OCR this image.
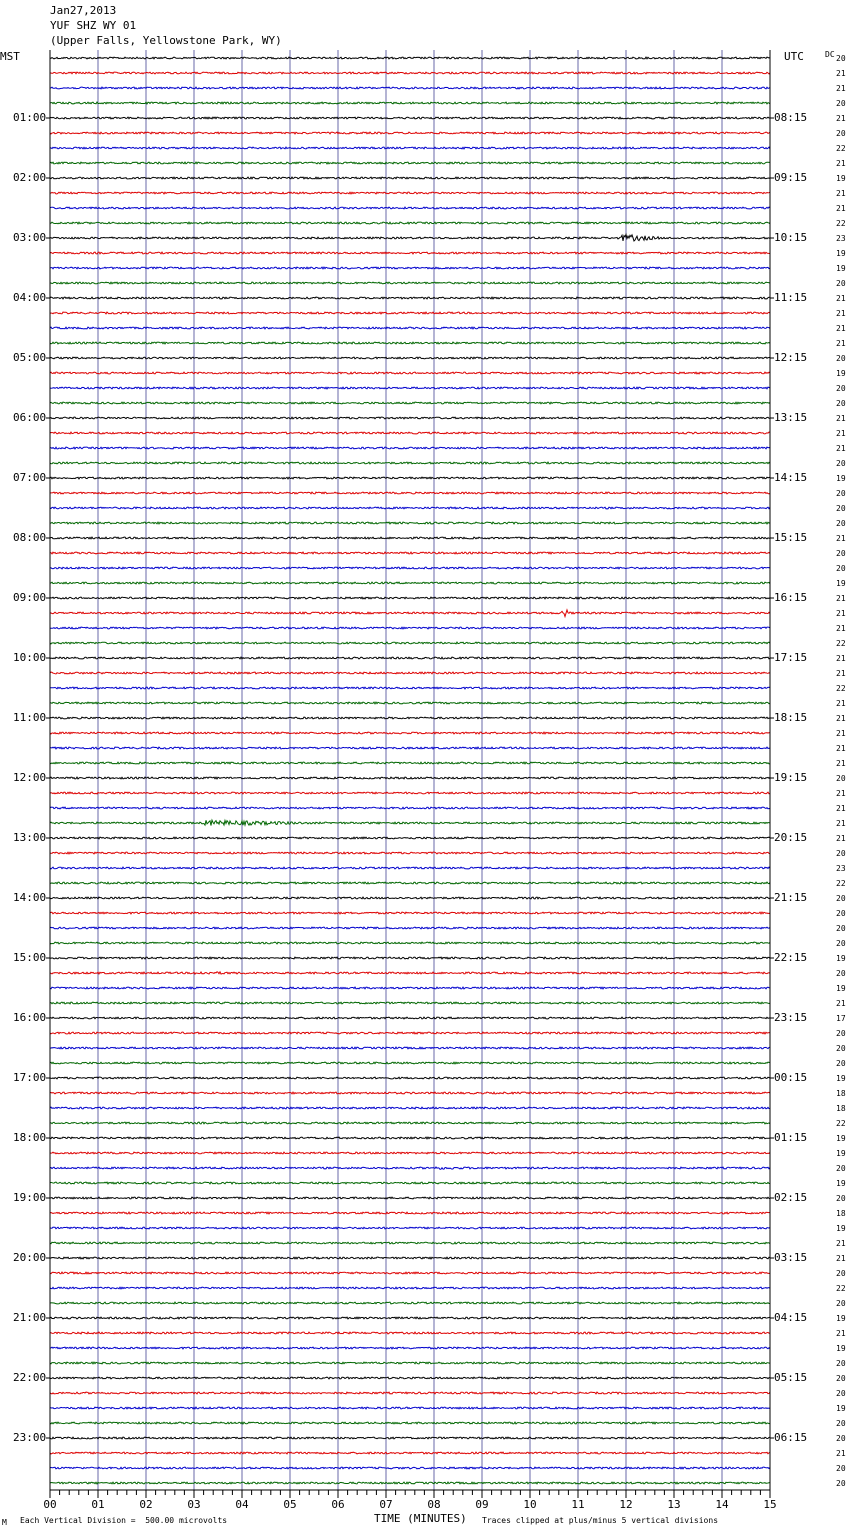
Jan27,2013
YUF SHZ WY 01
(Upper Falls, Yellowstone Park, WY)
MST	UTC	DC
01:00
02:00
03:00
04:00
05:00
06:00
07:00
08:00
09:00
10:00
11:00
12:00
13:00
14:00
15:00
16:00
17:00
18:00
19:00
20:00
21:00
22:00
23:00
08:15
09:15
10:15
11:15
12:15
13:15
14:15
15:15
16:15
17:15
18:15
19:15
20:15
21:15
22:15
23:15
00:15
01:15
02:15
03:15
04:15
05:15
06:15
20
21
21
20
21
20
22
21
19
21
21
22
23
19
19
20
21
21
21
21
20
19
20
20
21
21
21
20
19
20
20
20
21
20
20
19
21
21
21
22
21
21
22
21
21
21
21
21
20
21
21
21
21
20
23
22
20
20
20
20
19
20
19
21
17
20
20
20
19
18
18
22
19
19
20
19
20
18
19
21
21
20
22
20
19
21
19
20
20
20
19
20
20
21
20
20
00	01	02	03	04	05	06	07	08	09	10	11	12	13	14	15
TIME (MINUTES)
Each Vertical Division =  500.00 microvolts	Traces clipped at plus/minus 5 vertical divisions
M
